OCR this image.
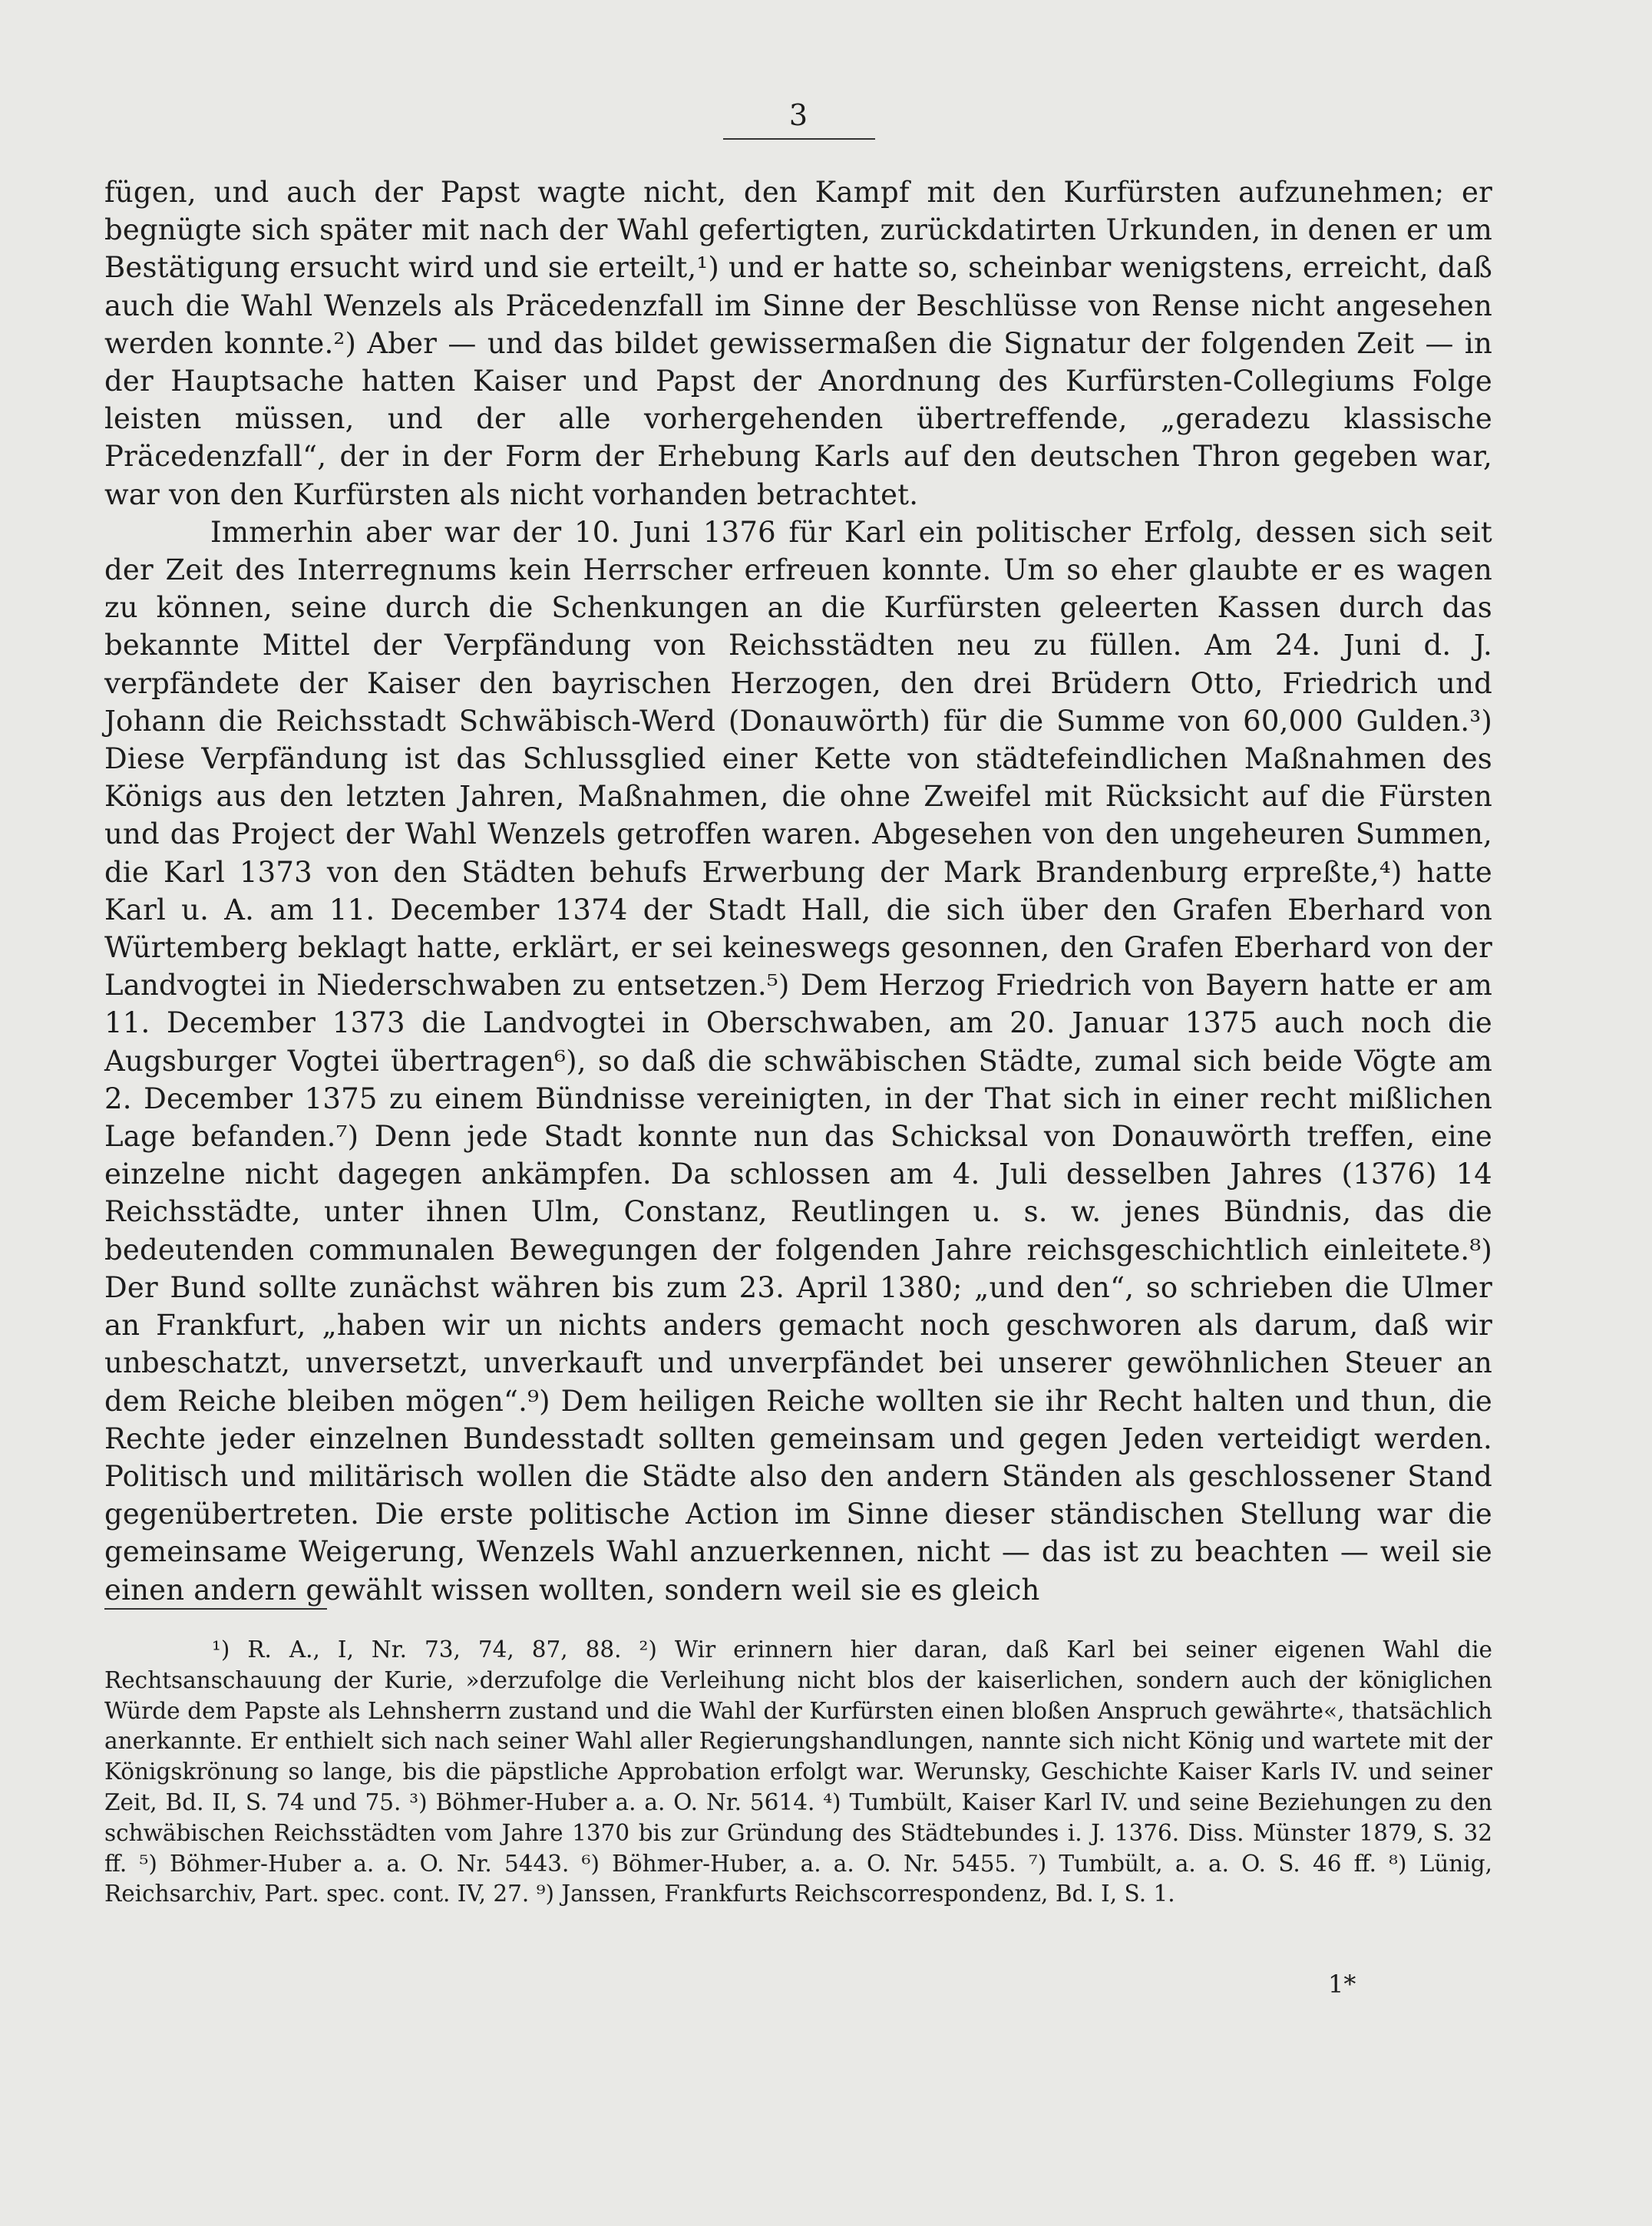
3

fügen, und auch der Papst wagte nicht, den Kampf mit den Kurfürsten aufzunehmen; er begnügte sich später mit nach der Wahl gefertigten, zurückdatirten Urkunden, in denen er um Bestätigung ersucht wird und sie erteilt,¹) und er hatte so, scheinbar wenigstens, erreicht, daß auch die Wahl Wenzels als Präcedenzfall im Sinne der Beschlüsse von Rense nicht angesehen werden konnte.²) Aber — und das bildet gewissermaßen die Signatur der folgenden Zeit — in der Hauptsache hatten Kaiser und Papst der Anordnung des Kurfürsten-Collegiums Folge leisten müssen, und der alle vorhergehenden übertreffende, „geradezu klassische Präcedenzfall“, der in der Form der Erhebung Karls auf den deutschen Thron gegeben war, war von den Kurfürsten als nicht vorhanden betrachtet.

Immerhin aber war der 10. Juni 1376 für Karl ein politischer Erfolg, dessen sich seit der Zeit des Interregnums kein Herrscher erfreuen konnte. Um so eher glaubte er es wagen zu können, seine durch die Schenkungen an die Kurfürsten geleerten Kassen durch das bekannte Mittel der Verpfändung von Reichsstädten neu zu füllen. Am 24. Juni d. J. verpfändete der Kaiser den bayrischen Herzogen, den drei Brüdern Otto, Friedrich und Johann die Reichsstadt Schwäbisch-Werd (Donauwörth) für die Summe von 60,000 Gulden.³) Diese Verpfändung ist das Schlussglied einer Kette von städtefeindlichen Maßnahmen des Königs aus den letzten Jahren, Maßnahmen, die ohne Zweifel mit Rücksicht auf die Fürsten und das Project der Wahl Wenzels getroffen waren. Abgesehen von den ungeheuren Summen, die Karl 1373 von den Städten behufs Erwerbung der Mark Brandenburg erpreßte,⁴) hatte Karl u. A. am 11. December 1374 der Stadt Hall, die sich über den Grafen Eberhard von Würtemberg beklagt hatte, erklärt, er sei keineswegs gesonnen, den Grafen Eberhard von der Landvogtei in Niederschwaben zu entsetzen.⁵) Dem Herzog Friedrich von Bayern hatte er am 11. December 1373 die Landvogtei in Oberschwaben, am 20. Januar 1375 auch noch die Augsburger Vogtei übertragen⁶), so daß die schwäbischen Städte, zumal sich beide Vögte am 2. December 1375 zu einem Bündnisse vereinigten, in der That sich in einer recht mißlichen Lage befanden.⁷) Denn jede Stadt konnte nun das Schicksal von Donauwörth treffen, eine einzelne nicht dagegen ankämpfen. Da schlossen am 4. Juli desselben Jahres (1376) 14 Reichsstädte, unter ihnen Ulm, Constanz, Reutlingen u. s. w. jenes Bündnis, das die bedeutenden communalen Bewegungen der folgenden Jahre reichsgeschichtlich einleitete.⁸) Der Bund sollte zunächst währen bis zum 23. April 1380; „und den“, so schrieben die Ulmer an Frankfurt, „haben wir un nichts anders gemacht noch geschworen als darum, daß wir unbeschatzt, unversetzt, unverkauft und unverpfändet bei unserer gewöhnlichen Steuer an dem Reiche bleiben mögen“.⁹) Dem heiligen Reiche wollten sie ihr Recht halten und thun, die Rechte jeder einzelnen Bundesstadt sollten gemeinsam und gegen Jeden verteidigt werden. Politisch und militärisch wollen die Städte also den andern Ständen als geschlossener Stand gegenübertreten. Die erste politische Action im Sinne dieser ständischen Stellung war die gemeinsame Weigerung, Wenzels Wahl anzuerkennen, nicht — das ist zu beachten — weil sie einen andern gewählt wissen wollten, sondern weil sie es gleich

¹) R. A., I, Nr. 73, 74, 87, 88. ²) Wir erinnern hier daran, daß Karl bei seiner eigenen Wahl die Rechtsanschauung der Kurie, »derzufolge die Verleihung nicht blos der kaiserlichen, sondern auch der königlichen Würde dem Papste als Lehnsherrn zustand und die Wahl der Kurfürsten einen bloßen Anspruch gewährte«, thatsächlich anerkannte. Er enthielt sich nach seiner Wahl aller Regierungshandlungen, nannte sich nicht König und wartete mit der Königskrönung so lange, bis die päpstliche Approbation erfolgt war. Werunsky, Geschichte Kaiser Karls IV. und seiner Zeit, Bd. II, S. 74 und 75. ³) Böhmer-Huber a. a. O. Nr. 5614. ⁴) Tumbült, Kaiser Karl IV. und seine Beziehungen zu den schwäbischen Reichsstädten vom Jahre 1370 bis zur Gründung des Städtebundes i. J. 1376. Diss. Münster 1879, S. 32 ff. ⁵) Böhmer-Huber a. a. O. Nr. 5443. ⁶) Böhmer-Huber, a. a. O. Nr. 5455. ⁷) Tumbült, a. a. O. S. 46 ff. ⁸) Lünig, Reichsarchiv, Part. spec. cont. IV, 27. ⁹) Janssen, Frankfurts Reichscorrespondenz, Bd. I, S. 1.

1*
